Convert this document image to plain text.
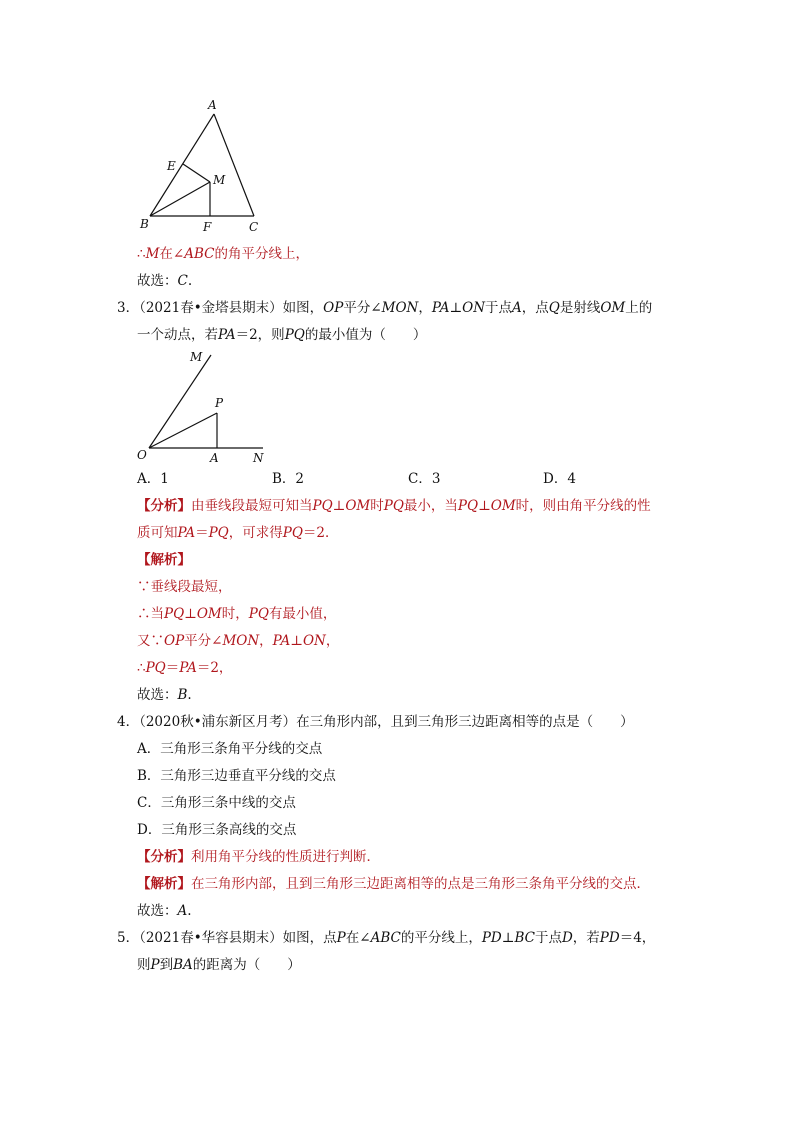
A
E
M
B	F	C
∴M在∠ABC的角平分线上，
故选：C.
3．（2021春•金塔县期末）如图，OP平分∠MON，PA⊥ON于点A，点Q是射线OM上的
一个动点，若PA＝2，则PQ的最小值为（　　）
M
P
O	A	N
A．1	B．2	C．3	D．4
【分析】由垂线段最短可知当PQ⊥OM时PQ最小，当PQ⊥OM时，则由角平分线的性
质可知PA＝PQ，可求得PQ＝2．
【解析】
∵垂线段最短，
∴当PQ⊥OM时，PQ有最小值，
又∵OP平分∠MON，PA⊥ON，
∴PQ＝PA＝2，
故选：B.
4．（2020秋•浦东新区月考）在三角形内部，且到三角形三边距离相等的点是（　　）
A．三角形三条角平分线的交点
B．三角形三边垂直平分线的交点
C．三角形三条中线的交点
D．三角形三条高线的交点
【分析】利用角平分线的性质进行判断．
【解析】在三角形内部，且到三角形三边距离相等的点是三角形三条角平分线的交点．
故选：A.
5．（2021春•华容县期末）如图，点P在∠ABC的平分线上，PD⊥BC于点D，若PD＝4，
则P到BA的距离为（　　）
